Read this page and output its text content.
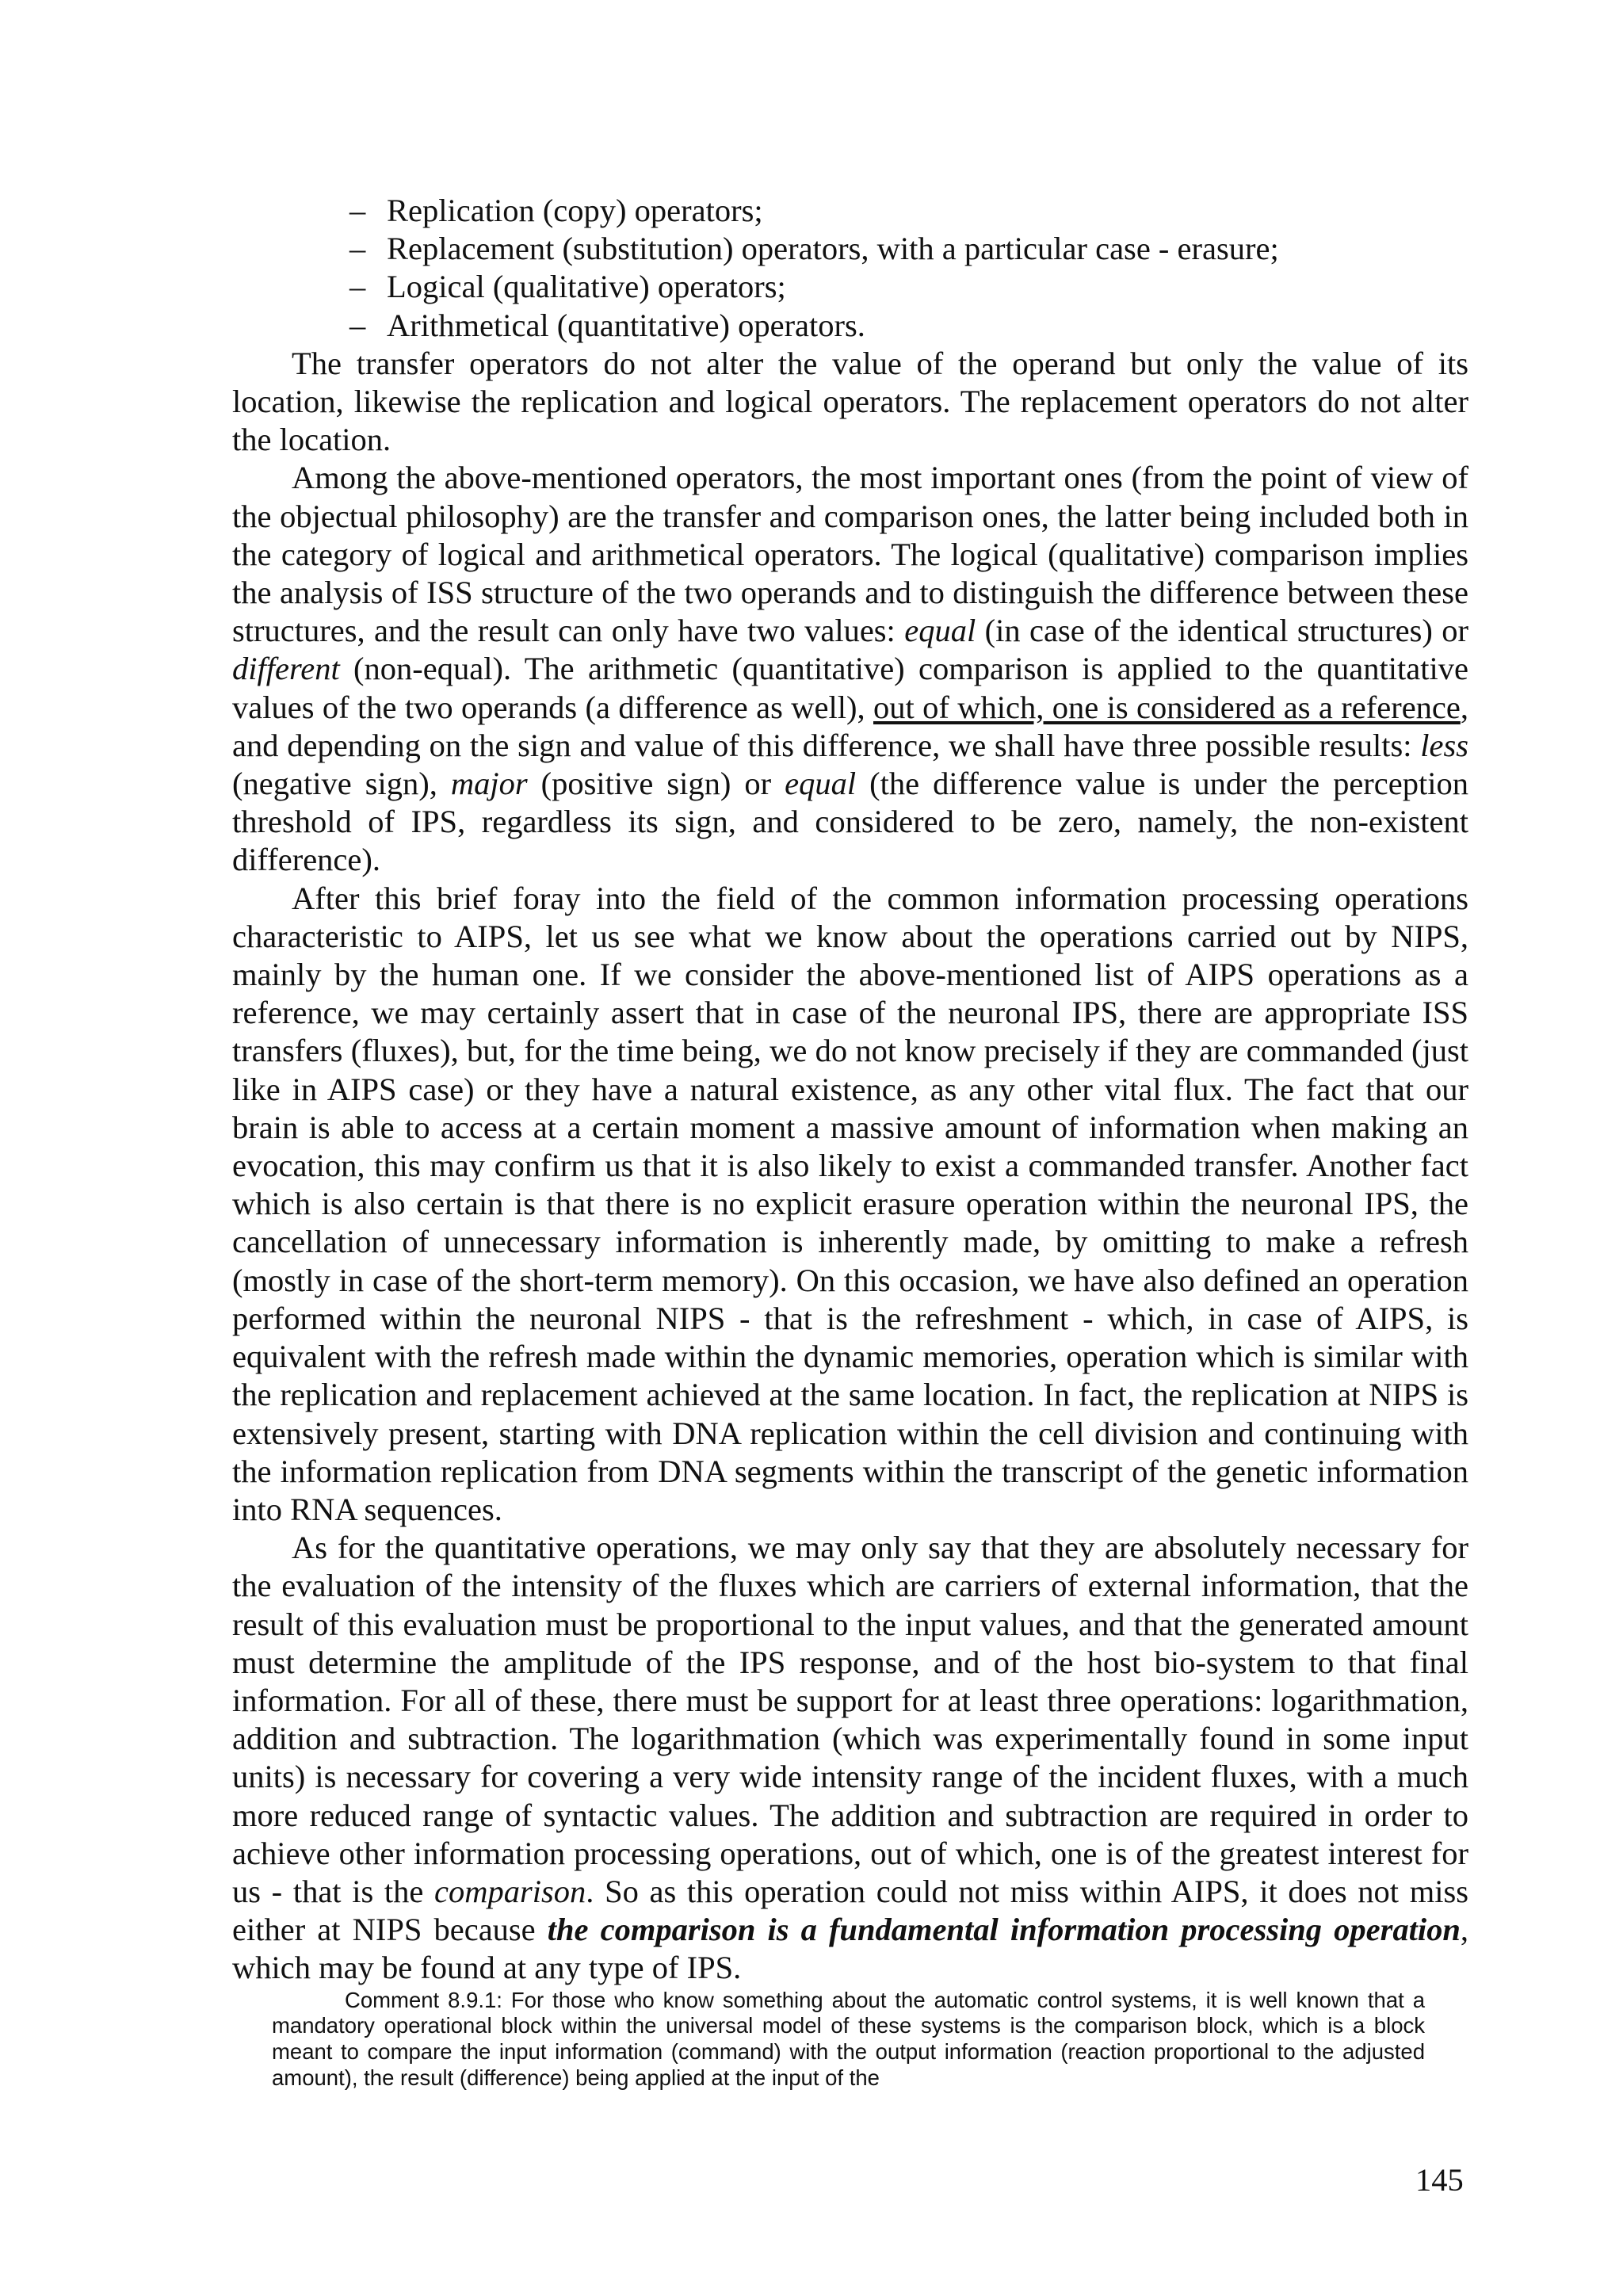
– Replication (copy) operators;
– Replacement (substitution) operators, with a particular case - erasure;
– Logical (qualitative) operators;
– Arithmetical (quantitative) operators.

The transfer operators do not alter the value of the operand but only the value of its location, likewise the replication and logical operators. The replacement operators do not alter the location.

Among the above-mentioned operators, the most important ones (from the point of view of the objectual philosophy) are the transfer and comparison ones, the latter being included both in the category of logical and arithmetical operators. The logical (qualitative) comparison implies the analysis of ISS structure of the two operands and to distinguish the difference between these structures, and the result can only have two values: equal (in case of the identical structures) or different (non-equal). The arithmetic (quantitative) comparison is applied to the quantitative values of the two operands (a difference as well), out of which, one is considered as a reference, and depending on the sign and value of this difference, we shall have three possible results: less (negative sign), major (positive sign) or equal (the difference value is under the perception threshold of IPS, regardless its sign, and considered to be zero, namely, the non-existent difference).

After this brief foray into the field of the common information processing operations characteristic to AIPS, let us see what we know about the operations carried out by NIPS, mainly by the human one. If we consider the above-mentioned list of AIPS operations as a reference, we may certainly assert that in case of the neuronal IPS, there are appropriate ISS transfers (fluxes), but, for the time being, we do not know precisely if they are commanded (just like in AIPS case) or they have a natural existence, as any other vital flux. The fact that our brain is able to access at a certain moment a massive amount of information when making an evocation, this may confirm us that it is also likely to exist a commanded transfer. Another fact which is also certain is that there is no explicit erasure operation within the neuronal IPS, the cancellation of unnecessary information is inherently made, by omitting to make a refresh (mostly in case of the short-term memory). On this occasion, we have also defined an operation performed within the neuronal NIPS - that is the refreshment - which, in case of AIPS, is equivalent with the refresh made within the dynamic memories, operation which is similar with the replication and replacement achieved at the same location. In fact, the replication at NIPS is extensively present, starting with DNA replication within the cell division and continuing with the information replication from DNA segments within the transcript of the genetic information into RNA sequences.

As for the quantitative operations, we may only say that they are absolutely necessary for the evaluation of the intensity of the fluxes which are carriers of external information, that the result of this evaluation must be proportional to the input values, and that the generated amount must determine the amplitude of the IPS response, and of the host bio-system to that final information. For all of these, there must be support for at least three operations: logarithmation, addition and subtraction. The logarithmation (which was experimentally found in some input units) is necessary for covering a very wide intensity range of the incident fluxes, with a much more reduced range of syntactic values. The addition and subtraction are required in order to achieve other information processing operations, out of which, one is of the greatest interest for us - that is the comparison. So as this operation could not miss within AIPS, it does not miss either at NIPS because the comparison is a fundamental information processing operation, which may be found at any type of IPS.

Comment 8.9.1: For those who know something about the automatic control systems, it is well known that a mandatory operational block within the universal model of these systems is the comparison block, which is a block meant to compare the input information (command) with the output information (reaction proportional to the adjusted amount), the result (difference) being applied at the input of the

145
